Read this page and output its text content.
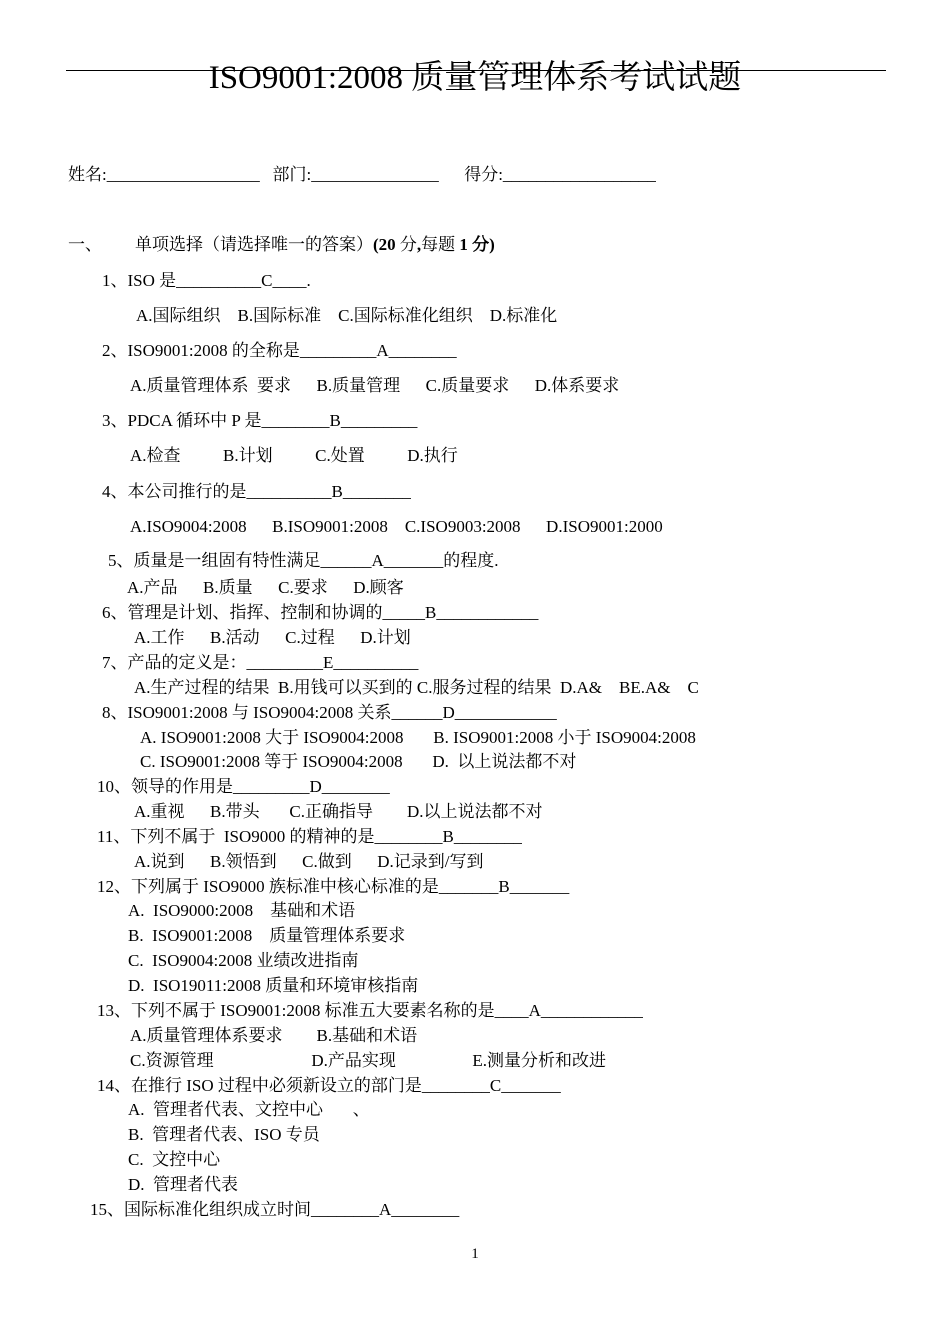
ISO9001:2008 质量管理体系考试试题
姓名:__________________   部门:_______________      得分:__________________
一、 单项选择（请选择唯一的答案）(20 分,每题 1 分)
1、ISO 是__________C____.
A.国际组织    B.国际标准    C.国际标准化组织    D.标准化
2、ISO9001:2008 的全称是_________A________
A.质量管理体系  要求      B.质量管理      C.质量要求      D.体系要求
3、PDCA 循环中 P 是________B_________
A.检查          B.计划          C.处置          D.执行
4、本公司推行的是__________B________
A.ISO9004:2008      B.ISO9001:2008    C.ISO9003:2008      D.ISO9001:2000
5、质量是一组固有特性满足______A_______的程度.
A.产品      B.质量      C.要求      D.顾客
6、管理是计划、指挥、控制和协调的_____B____________
A.工作      B.活动      C.过程      D.计划
7、产品的定义是：_________E__________
A.生产过程的结果  B.用钱可以买到的 C.服务过程的结果  D.A&    BE.A&    C
8、ISO9001:2008 与 ISO9004:2008 关系______D____________
A. ISO9001:2008 大于 ISO9004:2008       B. ISO9001:2008 小于 ISO9004:2008
C. ISO9001:2008 等于 ISO9004:2008       D.  以上说法都不对
10、领导的作用是_________D________
A.重视      B.带头       C.正确指导        D.以上说法都不对
11、下列不属于  ISO9000 的精神的是________B________
A.说到      B.领悟到      C.做到      D.记录到/写到
12、下列属于 ISO9000 族标准中核心标准的是_______B_______
A.  ISO9000:2008    基础和术语
B.  ISO9001:2008    质量管理体系要求
C.  ISO9004:2008 业绩改进指南
D.  ISO19011:2008 质量和环境审核指南
13、下列不属于 ISO9001:2008 标准五大要素名称的是____A____________
A.质量管理体系要求        B.基础和术语
C.资源管理                       D.产品实现                  E.测量分析和改进
14、在推行 ISO 过程中必须新设立的部门是________C_______
A.  管理者代表、文控中心       、
B.  管理者代表、ISO 专员
C.  文控中心
D.  管理者代表
15、国际标准化组织成立时间________A________
1
